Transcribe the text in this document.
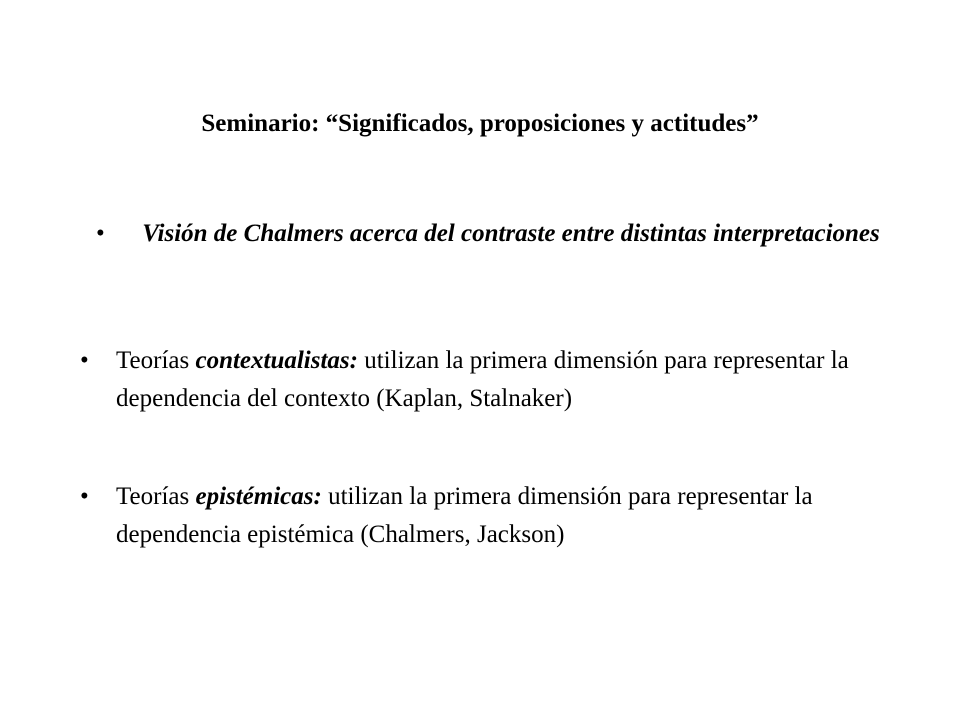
Seminario: “Significados, proposiciones y actitudes”
• Visión de Chalmers acerca del contraste entre distintas interpretaciones
• Teorías contextualistas: utilizan la primera dimensión para representar la dependencia del contexto (Kaplan, Stalnaker)
• Teorías epistémicas: utilizan la primera dimensión para representar la dependencia epistémica (Chalmers, Jackson)
